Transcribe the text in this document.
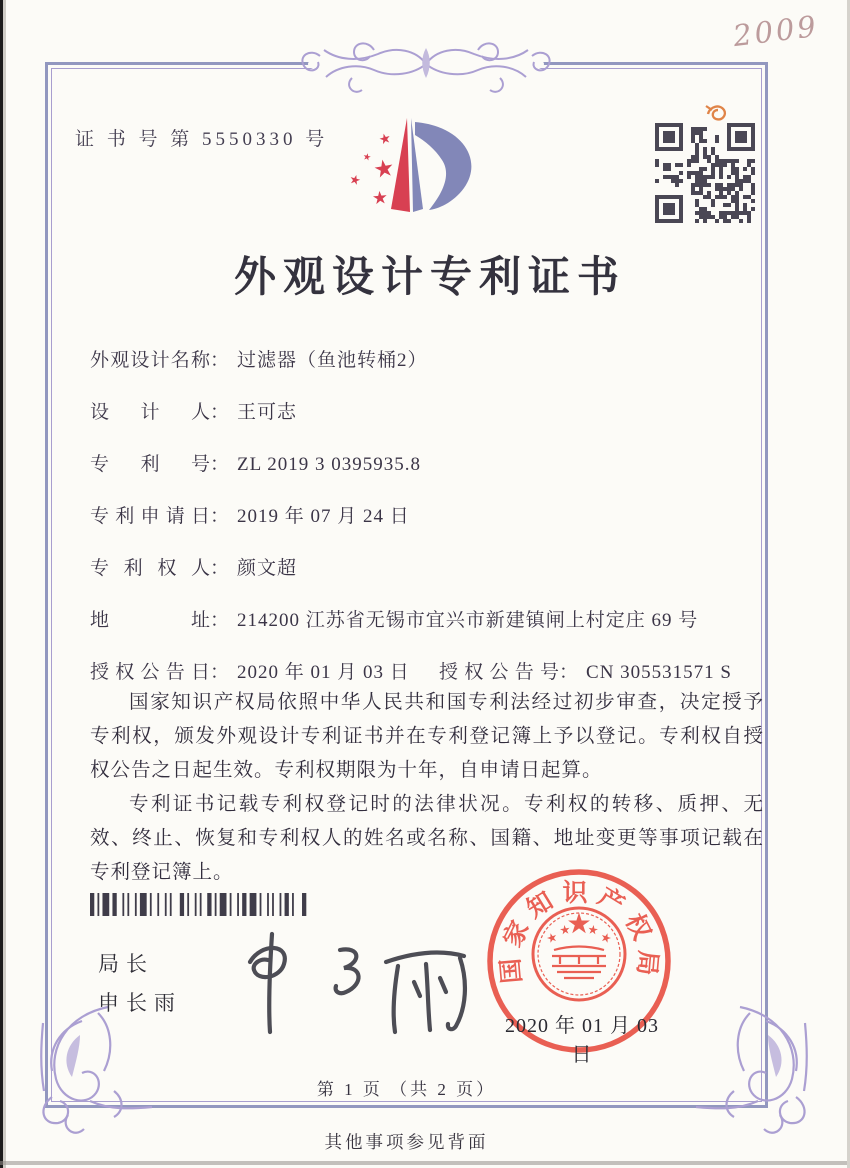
证 书 号 第 5550330 号
2009
外观设计专利证书
外观设计名称： 过滤器（鱼池转桶2）
设计人： 王可志
专利号： ZL 2019 3 0395935.8
专利申请日： 2019 年 07 月 24 日
专利权人： 颜文超
地址： 214200 江苏省无锡市宜兴市新建镇闸上村定庄 69 号
授权公告日： 2020 年 01 月 03 日 授权公告号： CN 305531571 S

国家知识产权局依照中华人民共和国专利法经过初步审查，决定授予专利权，颁发外观设计专利证书并在专利登记簿上予以登记。专利权自授权公告之日起生效。专利权期限为十年，自申请日起算。

专利证书记载专利权登记时的法律状况。专利权的转移、质押、无效、终止、恢复和专利权人的姓名或名称、国籍、地址变更等事项记载在专利登记簿上。

局长
申长雨
国家知识产权局
2020 年 01 月 03 日
第 1 页 （共 2 页）
其他事项参见背面
